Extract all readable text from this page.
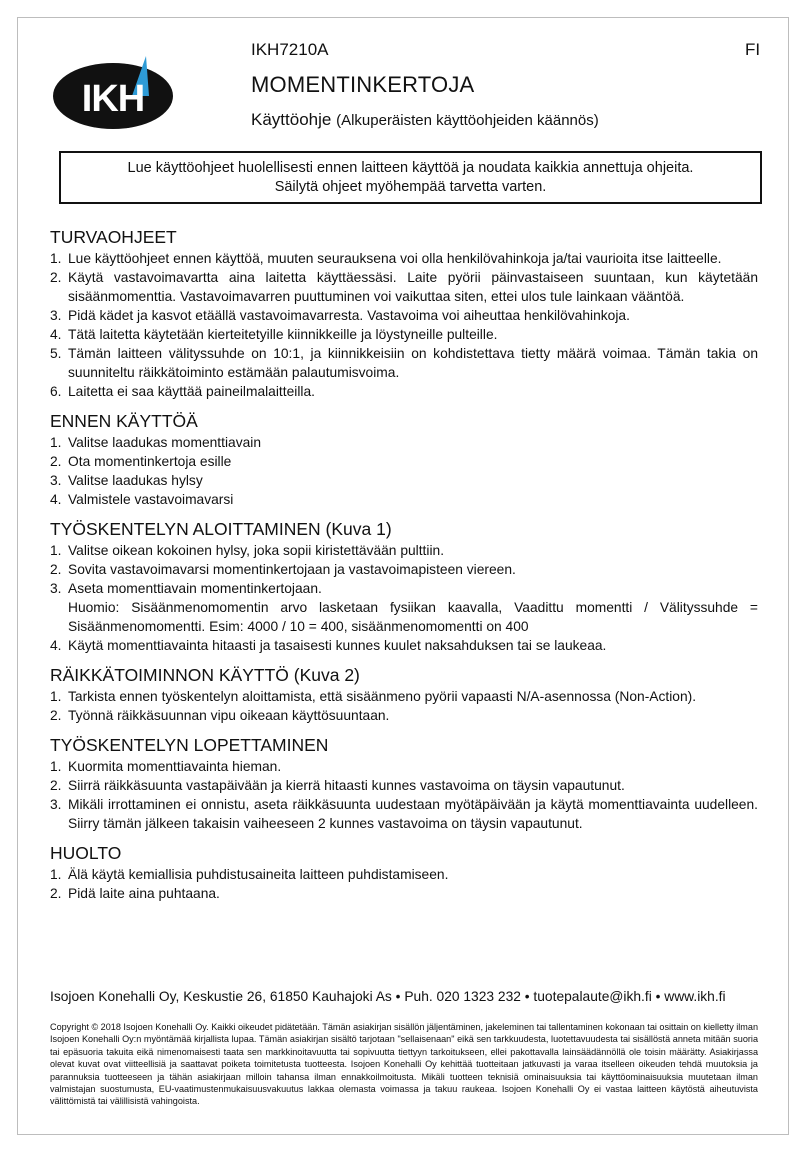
IKH
IKH7210A	FI
MOMENTINKERTOJA
Käyttöohje (Alkuperäisten käyttöohjeiden käännös)
Lue käyttöohjeet huolellisesti ennen laitteen käyttöä ja noudata kaikkia annettuja ohjeita.
Säilytä ohjeet myöhempää tarvetta varten.
TURVAOHJEET
1. Lue käyttöohjeet ennen käyttöä, muuten seurauksena voi olla henkilövahinkoja ja/tai vaurioita itse laitteelle.
2. Käytä vastavoimavartta aina laitetta käyttäessäsi. Laite pyörii päinvastaiseen suuntaan, kun käytetään sisäänmomenttia. Vastavoimavarren puuttuminen voi vaikuttaa siten, ettei ulos tule lainkaan vääntöä.
3. Pidä kädet ja kasvot etäällä vastavoimavarresta. Vastavoima voi aiheuttaa henkilövahinkoja.
4. Tätä laitetta käytetään kierteitetyille kiinnikkeille ja löystyneille pulteille.
5. Tämän laitteen välityssuhde on 10:1, ja kiinnikkeisiin on kohdistettava tietty määrä voimaa. Tämän takia on suunniteltu räikkätoiminto estämään palautumisvoima.
6. Laitetta ei saa käyttää paineilmalaitteilla.
ENNEN KÄYTTÖÄ
1. Valitse laadukas momenttiavain
2. Ota momentinkertoja esille
3. Valitse laadukas hylsy
4. Valmistele vastavoimavarsi
TYÖSKENTELYN ALOITTAMINEN (Kuva 1)
1. Valitse oikean kokoinen hylsy, joka sopii kiristettävään pulttiin.
2. Sovita vastavoimavarsi momentinkertojaan ja vastavoimapisteen viereen.
3. Aseta momenttiavain momentinkertojaan.
Huomio: Sisäänmenomomentin arvo lasketaan fysiikan kaavalla, Vaadittu momentti / Välityssuhde = Sisäänmenomomentti. Esim: 4000 / 10 = 400, sisäänmenomomentti on 400
4. Käytä momenttiavainta hitaasti ja tasaisesti kunnes kuulet naksahduksen tai se laukeaa.
RÄIKKÄTOIMINNON KÄYTTÖ (Kuva 2)
1. Tarkista ennen työskentelyn aloittamista, että sisäänmeno pyörii vapaasti N/A-asennossa (Non-Action).
2. Työnnä räikkäsuunnan vipu oikeaan käyttösuuntaan.
TYÖSKENTELYN LOPETTAMINEN
1. Kuormita momenttiavainta hieman.
2. Siirrä räikkäsuunta vastapäivään ja kierrä hitaasti kunnes vastavoima on täysin vapautunut.
3. Mikäli irrottaminen ei onnistu, aseta räikkäsuunta uudestaan myötäpäivään ja käytä momenttiavainta uudelleen. Siirry tämän jälkeen takaisin vaiheeseen 2 kunnes vastavoima on täysin vapautunut.
HUOLTO
1. Älä käytä kemiallisia puhdistusaineita laitteen puhdistamiseen.
2. Pidä laite aina puhtaana.
Isojoen Konehalli Oy, Keskustie 26, 61850 Kauhajoki As • Puh. 020 1323 232 • tuotepalaute@ikh.fi • www.ikh.fi
Copyright © 2018 Isojoen Konehalli Oy. Kaikki oikeudet pidätetään. Tämän asiakirjan sisällön jäljentäminen, jakeleminen tai tallentaminen kokonaan tai osittain on kielletty ilman Isojoen Konehalli Oy:n myöntämää kirjallista lupaa. Tämän asiakirjan sisältö tarjotaan "sellaisenaan" eikä sen tarkkuudesta, luotettavuudesta tai sisällöstä anneta mitään suoria tai epäsuoria takuita eikä nimenomaisesti taata sen markkinoitavuutta tai sopivuutta tiettyyn tarkoitukseen, ellei pakottavalla lainsäädännöllä ole toisin määrätty. Asiakirjassa olevat kuvat ovat viitteellisiä ja saattavat poiketa toimitetusta tuotteesta. Isojoen Konehalli Oy kehittää tuotteitaan jatkuvasti ja varaa itselleen oikeuden tehdä muutoksia ja parannuksia tuotteeseen ja tähän asiakirjaan milloin tahansa ilman ennakkoilmoitusta. Mikäli tuotteen teknisiä ominaisuuksia tai käyttöominaisuuksia muutetaan ilman valmistajan suostumusta, EU-vaatimustenmukaisuusvakuutus lakkaa olemasta voimassa ja takuu raukeaa. Isojoen Konehalli Oy ei vastaa laitteen käytöstä aiheutuvista välittömistä tai välillisistä vahingoista.
